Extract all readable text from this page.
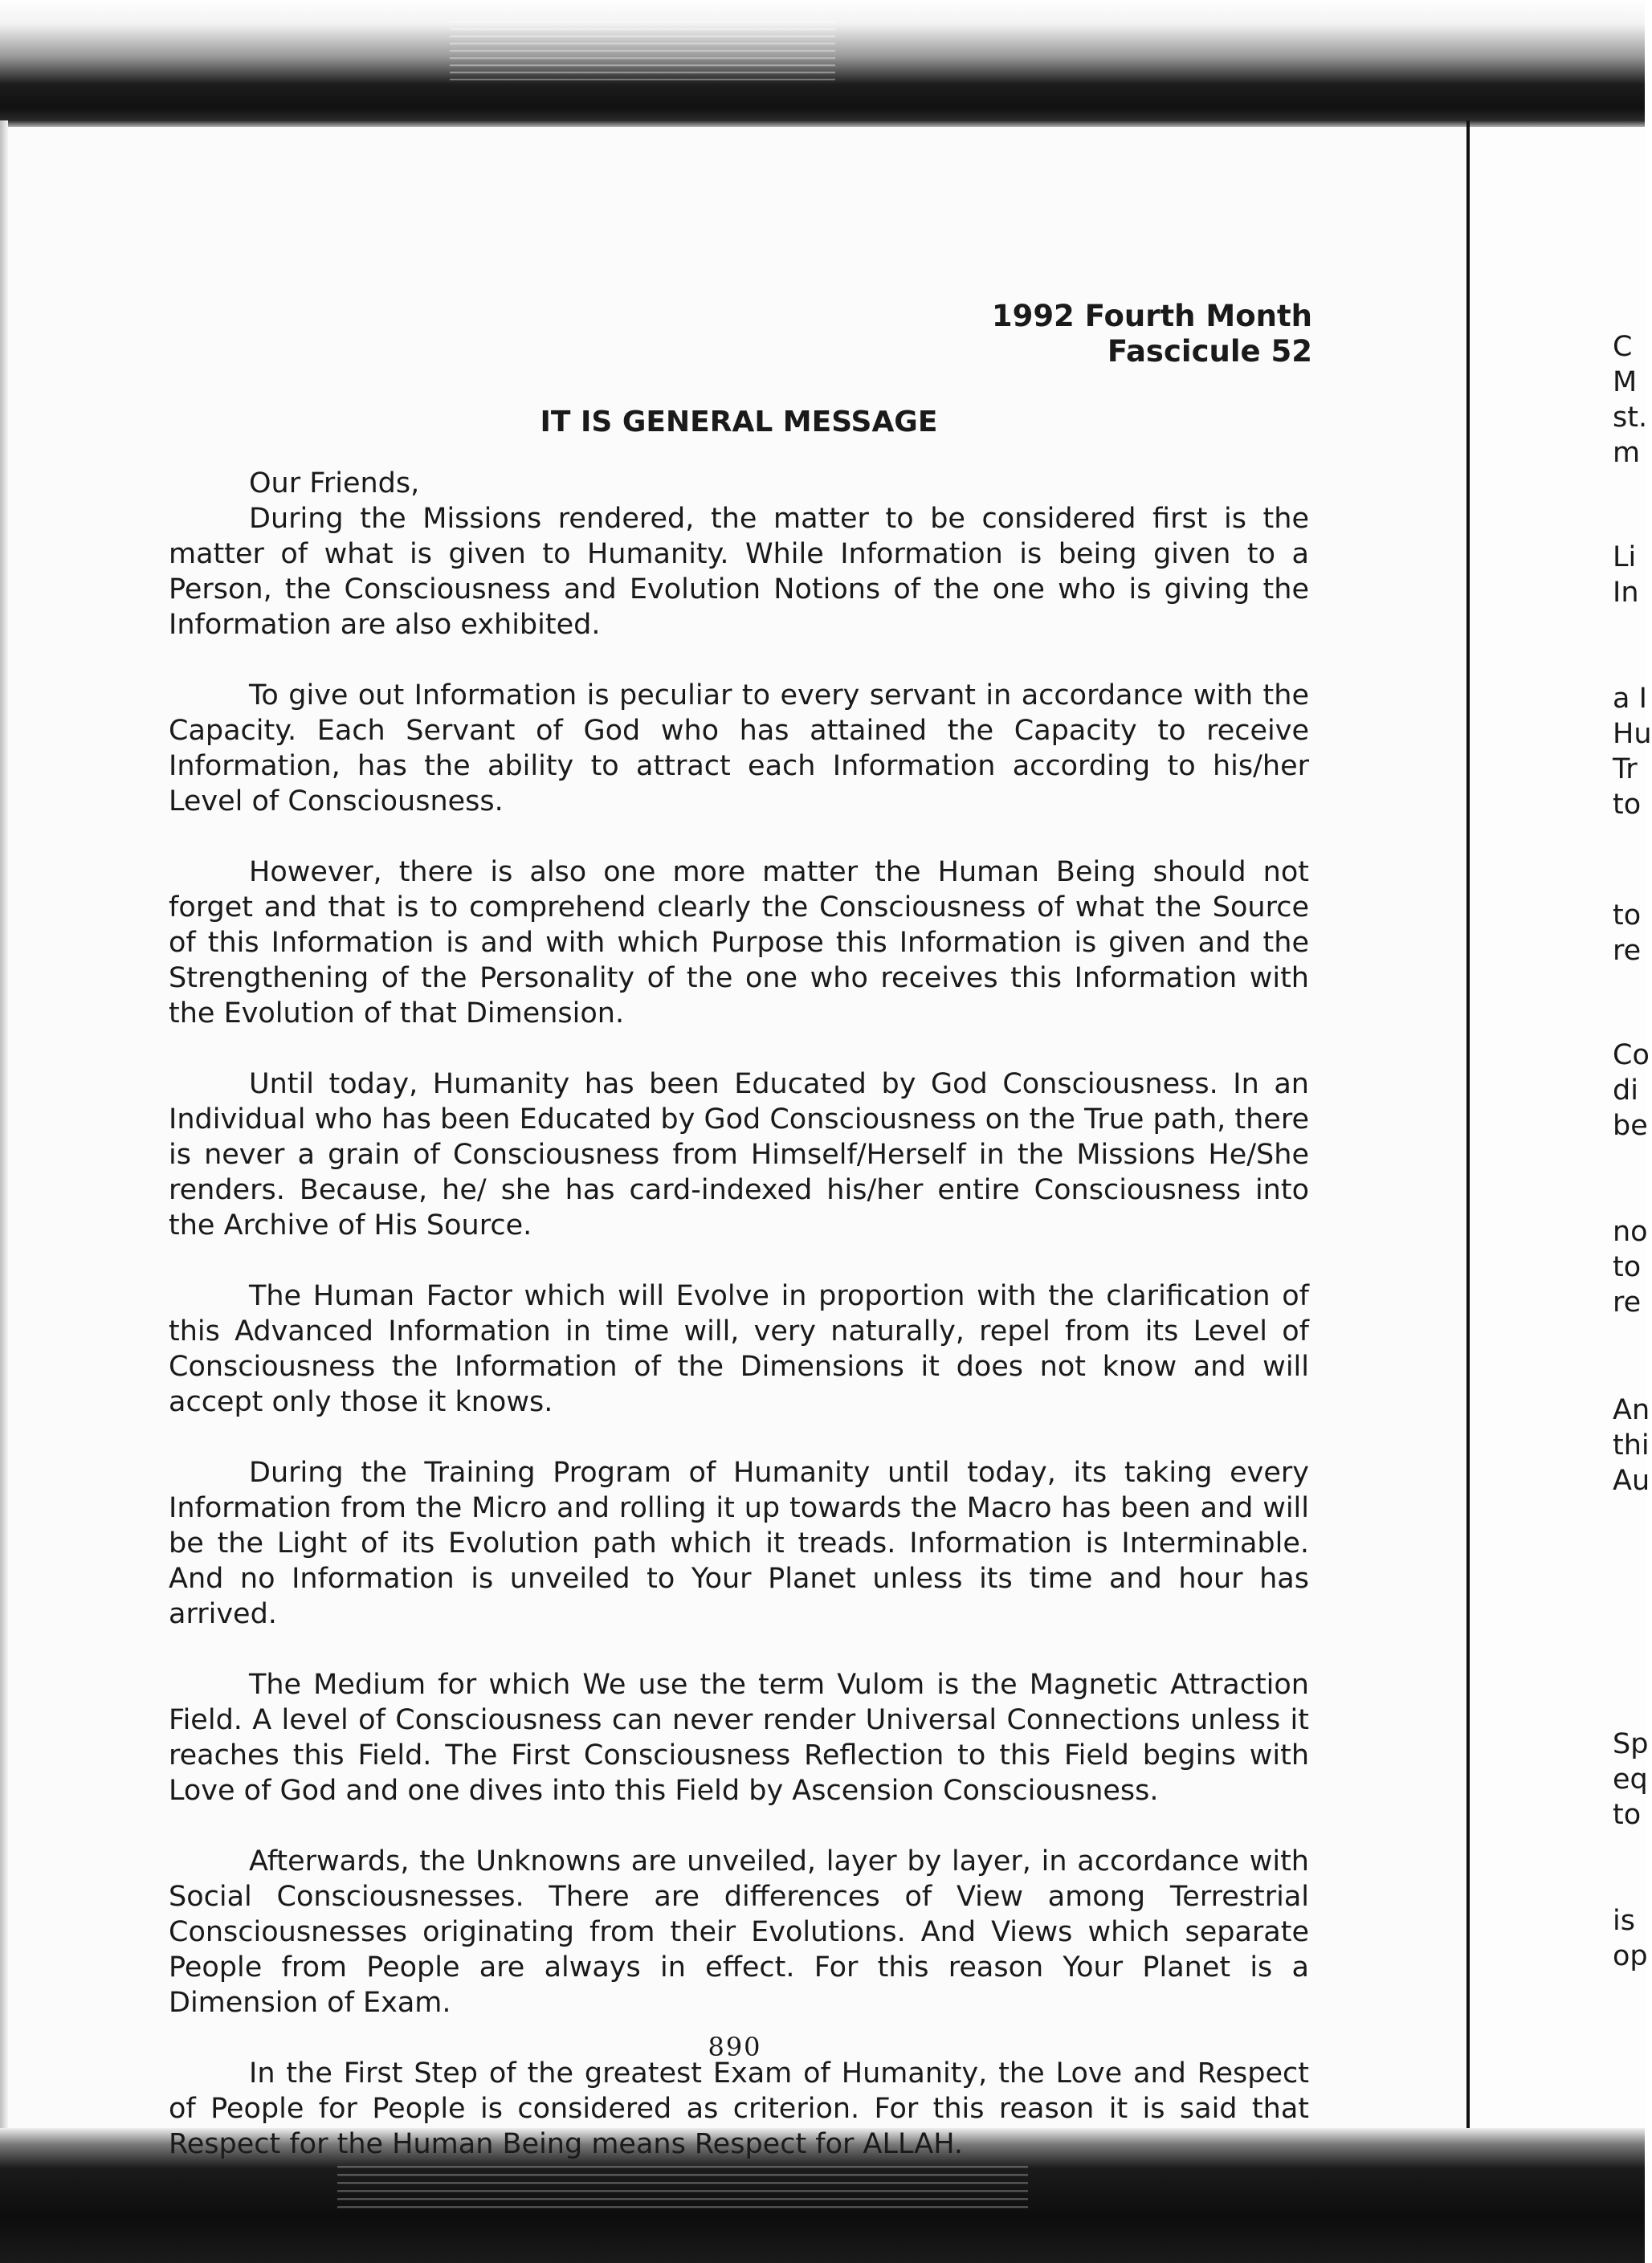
1992 Fourth Month
Fascicule 52
IT IS GENERAL MESSAGE

Our Friends,

During the Missions rendered, the matter to be considered first is the matter of what is given to Humanity. While Information is being given to a Person, the Consciousness and Evolution Notions of the one who is giving the Information are also exhibited.

To give out Information is peculiar to every servant in accordance with the Capacity. Each Servant of God who has attained the Capacity to receive Information, has the ability to attract each Information according to his/her Level of Consciousness.

However, there is also one more matter the Human Being should not forget and that is to comprehend clearly the Consciousness of what the Source of this Information is and with which Purpose this Information is given and the Strengthening of the Personality of the one who receives this Information with the Evolution of that Dimension.

Until today, Humanity has been Educated by God Consciousness. In an Individual who has been Educated by God Consciousness on the True path, there is never a grain of Consciousness from Himself/Herself in the Missions He/She renders. Because, he/ she has card-indexed his/her entire Consciousness into the Archive of His Source.

The Human Factor which will Evolve in proportion with the clarification of this Advanced Information in time will, very naturally, repel from its Level of Consciousness the Information of the Dimensions it does not know and will accept only those it knows.

During the Training Program of Humanity until today, its taking every Information from the Micro and rolling it up towards the Macro has been and will be the Light of its Evolution path which it treads. Information is Interminable. And no Information is unveiled to Your Planet unless its time and hour has arrived.

The Medium for which We use the term Vulom is the Magnetic Attraction Field. A level of Consciousness can never render Universal Connections unless it reaches this Field. The First Consciousness Reflection to this Field begins with Love of God and one dives into this Field by Ascension Consciousness.

Afterwards, the Unknowns are unveiled, layer by layer, in accordance with Social Consciousnesses. There are differences of View among Terrestrial Consciousnesses originating from their Evolutions. And Views which separate People from People are always in effect. For this reason Your Planet is a Dimension of Exam.

In the First Step of the greatest Exam of Humanity, the Love and Respect of People for People is considered as criterion. For this reason it is said that Respect for the Human Being means Respect for ALLAH.

890
C
M
st.
m
Li
In
a I
Hu
Tr
to
to
re
Co
di
be
no
to
re
An
thi
Au
Sp
eq
to
is
op
